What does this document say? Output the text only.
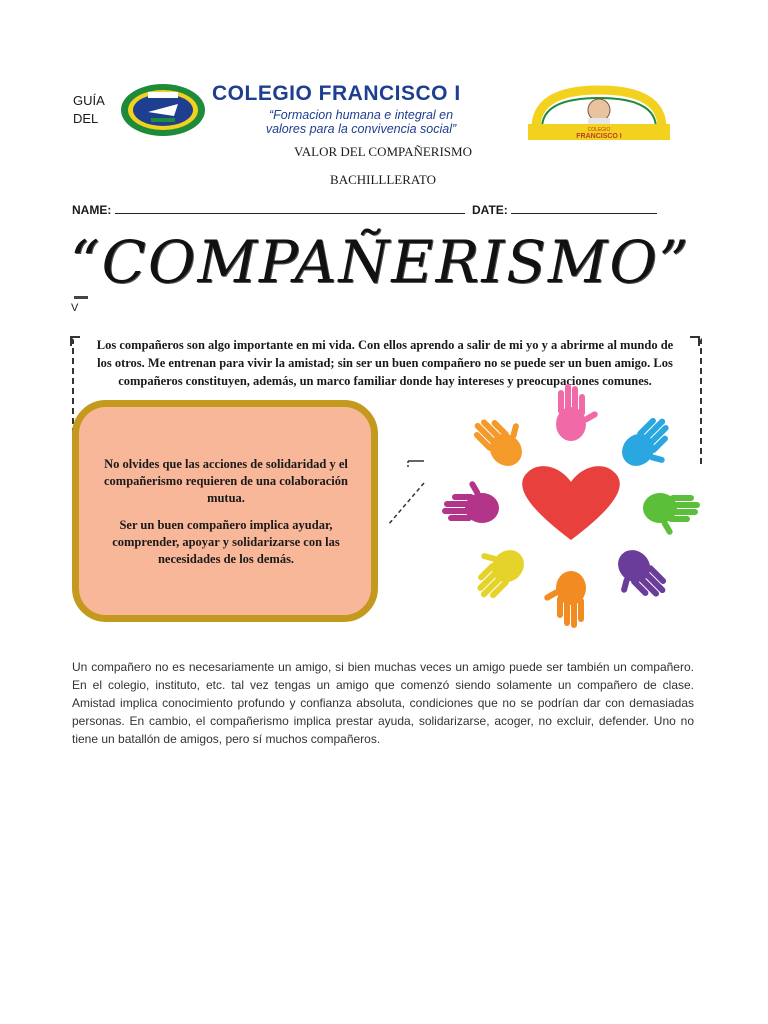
GUÍA
DEL
COLEGIO FRANCISCO I
“Formacion humana e integral en
valores para la convivencia social”	COLEGIO
FRANCISCO I
VALOR DEL COMPAÑERISMO
BACHILLLERATO
NAME:	DATE:
“COMPAÑERISMO”
V
Los compañeros son algo importante en mi vida. Con ellos aprendo a salir de mi yo y a abrirme al mundo de los otros. Me entrenan para vivir la amistad; sin ser un buen compañero no se puede ser un buen amigo. Los compañeros constituyen, además, un marco familiar donde hay intereses y preocupaciones comunes.

No olvides que las acciones de solidaridad y el compañerismo requieren de una colaboración mutua.

Ser un buen compañero implica ayudar, comprender, apoyar y solidarizarse con las necesidades de los demás.

Un compañero no es necesariamente un amigo, si bien muchas veces un amigo puede ser también un compañero. En el colegio, instituto, etc. tal vez tengas un amigo que comenzó siendo solamente un compañero de clase. Amistad implica conocimiento profundo y confianza absoluta, condiciones que no se podrían dar con demasiadas personas. En cambio, el compañerismo implica prestar ayuda, solidarizarse, acoger, no excluir, defender. Uno no tiene un batallón de amigos, pero sí muchos compañeros.
